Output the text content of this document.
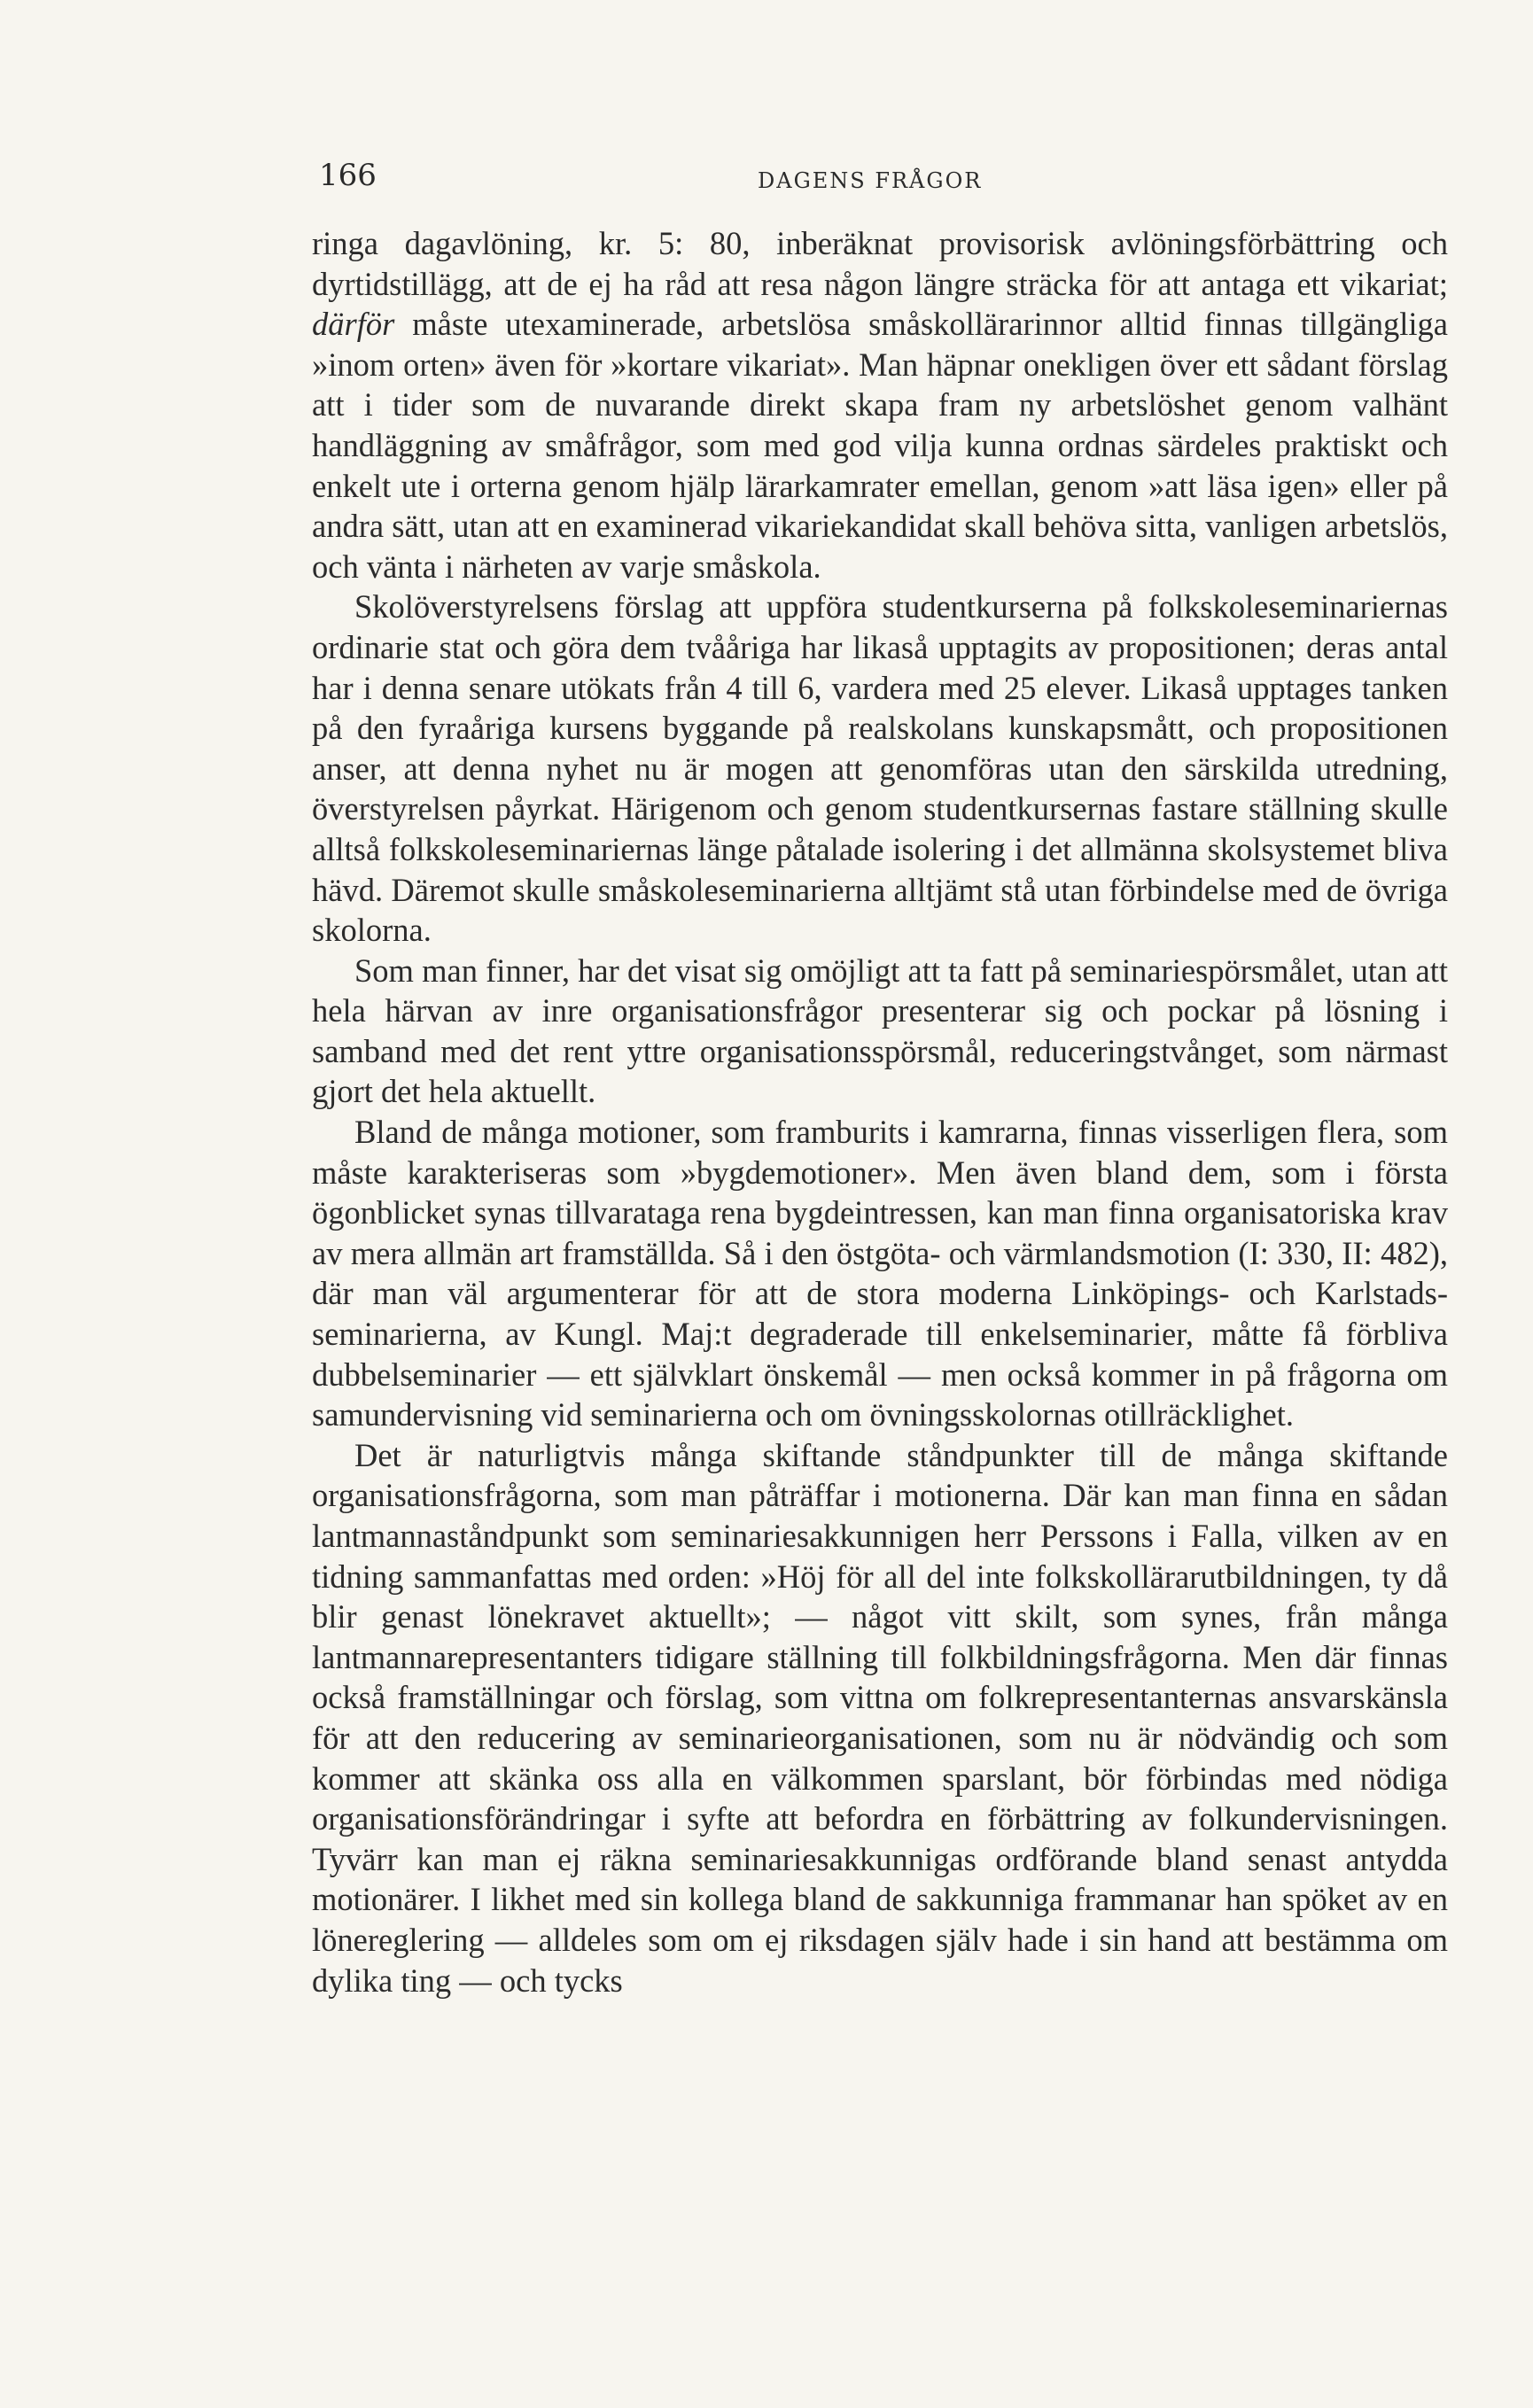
166	DAGENS FRÅGOR

ringa dagavlöning, kr. 5: 80, inberäknat provisorisk avlöningsförbättring och dyrtidstillägg, att de ej ha råd att resa någon längre sträcka för att antaga ett vikariat; därför måste utexaminerade, arbetslösa småskollärarinnor alltid finnas tillgängliga »inom orten» även för »kortare vikariat». Man häpnar onekligen över ett sådant förslag att i tider som de nuvarande direkt skapa fram ny arbetslöshet genom valhänt handläggning av småfrågor, som med god vilja kunna ordnas särdeles praktiskt och enkelt ute i orterna genom hjälp lärarkamrater emellan, genom »att läsa igen» eller på andra sätt, utan att en examinerad vikariekandidat skall behöva sitta, vanligen arbetslös, och vänta i närheten av varje småskola.

Skolöverstyrelsens förslag att uppföra studentkurserna på folkskoleseminariernas ordinarie stat och göra dem tvååriga har likaså upptagits av propositionen; deras antal har i denna senare utökats från 4 till 6, vardera med 25 elever. Likaså upptages tanken på den fyraåriga kursens byggande på realskolans kunskapsmått, och propositionen anser, att denna nyhet nu är mogen att genomföras utan den särskilda utredning, överstyrelsen påyrkat. Härigenom och genom studentkursernas fastare ställning skulle alltså folkskoleseminariernas länge påtalade isolering i det allmänna skolsystemet bliva hävd. Däremot skulle småskoleseminarierna alltjämt stå utan förbindelse med de övriga skolorna.

Som man finner, har det visat sig omöjligt att ta fatt på seminariespörsmålet, utan att hela härvan av inre organisationsfrågor presenterar sig och pockar på lösning i samband med det rent yttre organisationsspörsmål, reduceringstvånget, som närmast gjort det hela aktuellt.

Bland de många motioner, som framburits i kamrarna, finnas visserligen flera, som måste karakteriseras som »bygdemotioner». Men även bland dem, som i första ögonblicket synas tillvaratаga rena bygdeintressen, kan man finna organisatoriska krav av mera allmän art framställda. Så i den östgöta- och värmlandsmotion (I: 330, II: 482), där man väl argumenterar för att de stora moderna Linköpings- och Karlstads-seminarierna, av Kungl. Maj:t degraderade till enkelseminarier, måtte få förbliva dubbelseminarier — ett självklart önskemål — men också kommer in på frågorna om samundervisning vid seminarierna och om övningsskolornas otillräcklighet.

Det är naturligtvis många skiftande ståndpunkter till de många skiftande organisationsfrågorna, som man påträffar i motionerna. Där kan man finna en sådan lantmannaståndpunkt som seminariesakkunnigen herr Perssons i Falla, vilken av en tidning sammanfattas med orden: »Höj för all del inte folkskollärarutbildningen, ty då blir genast lönekravet aktuellt»; — något vitt skilt, som synes, från många lantmannarepresentanters tidigare ställning till folkbildningsfrågorna. Men där finnas också framställningar och förslag, som vittna om folkrepresentanternas ansvarskänsla för att den reducering av seminarieorganisationen, som nu är nödvändig och som kommer att skänka oss alla en välkommen sparslant, bör förbindas med nödiga organisationsförändringar i syfte att befordra en förbättring av folkundervisningen. Tyvärr kan man ej räkna seminariesakkunnigas ordförande bland senast antydda motionärer. I likhet med sin kollega bland de sakkunniga frammanar han spöket av en lönereglering — alldeles som om ej riksdagen själv hade i sin hand att bestämma om dylika ting — och tycks
